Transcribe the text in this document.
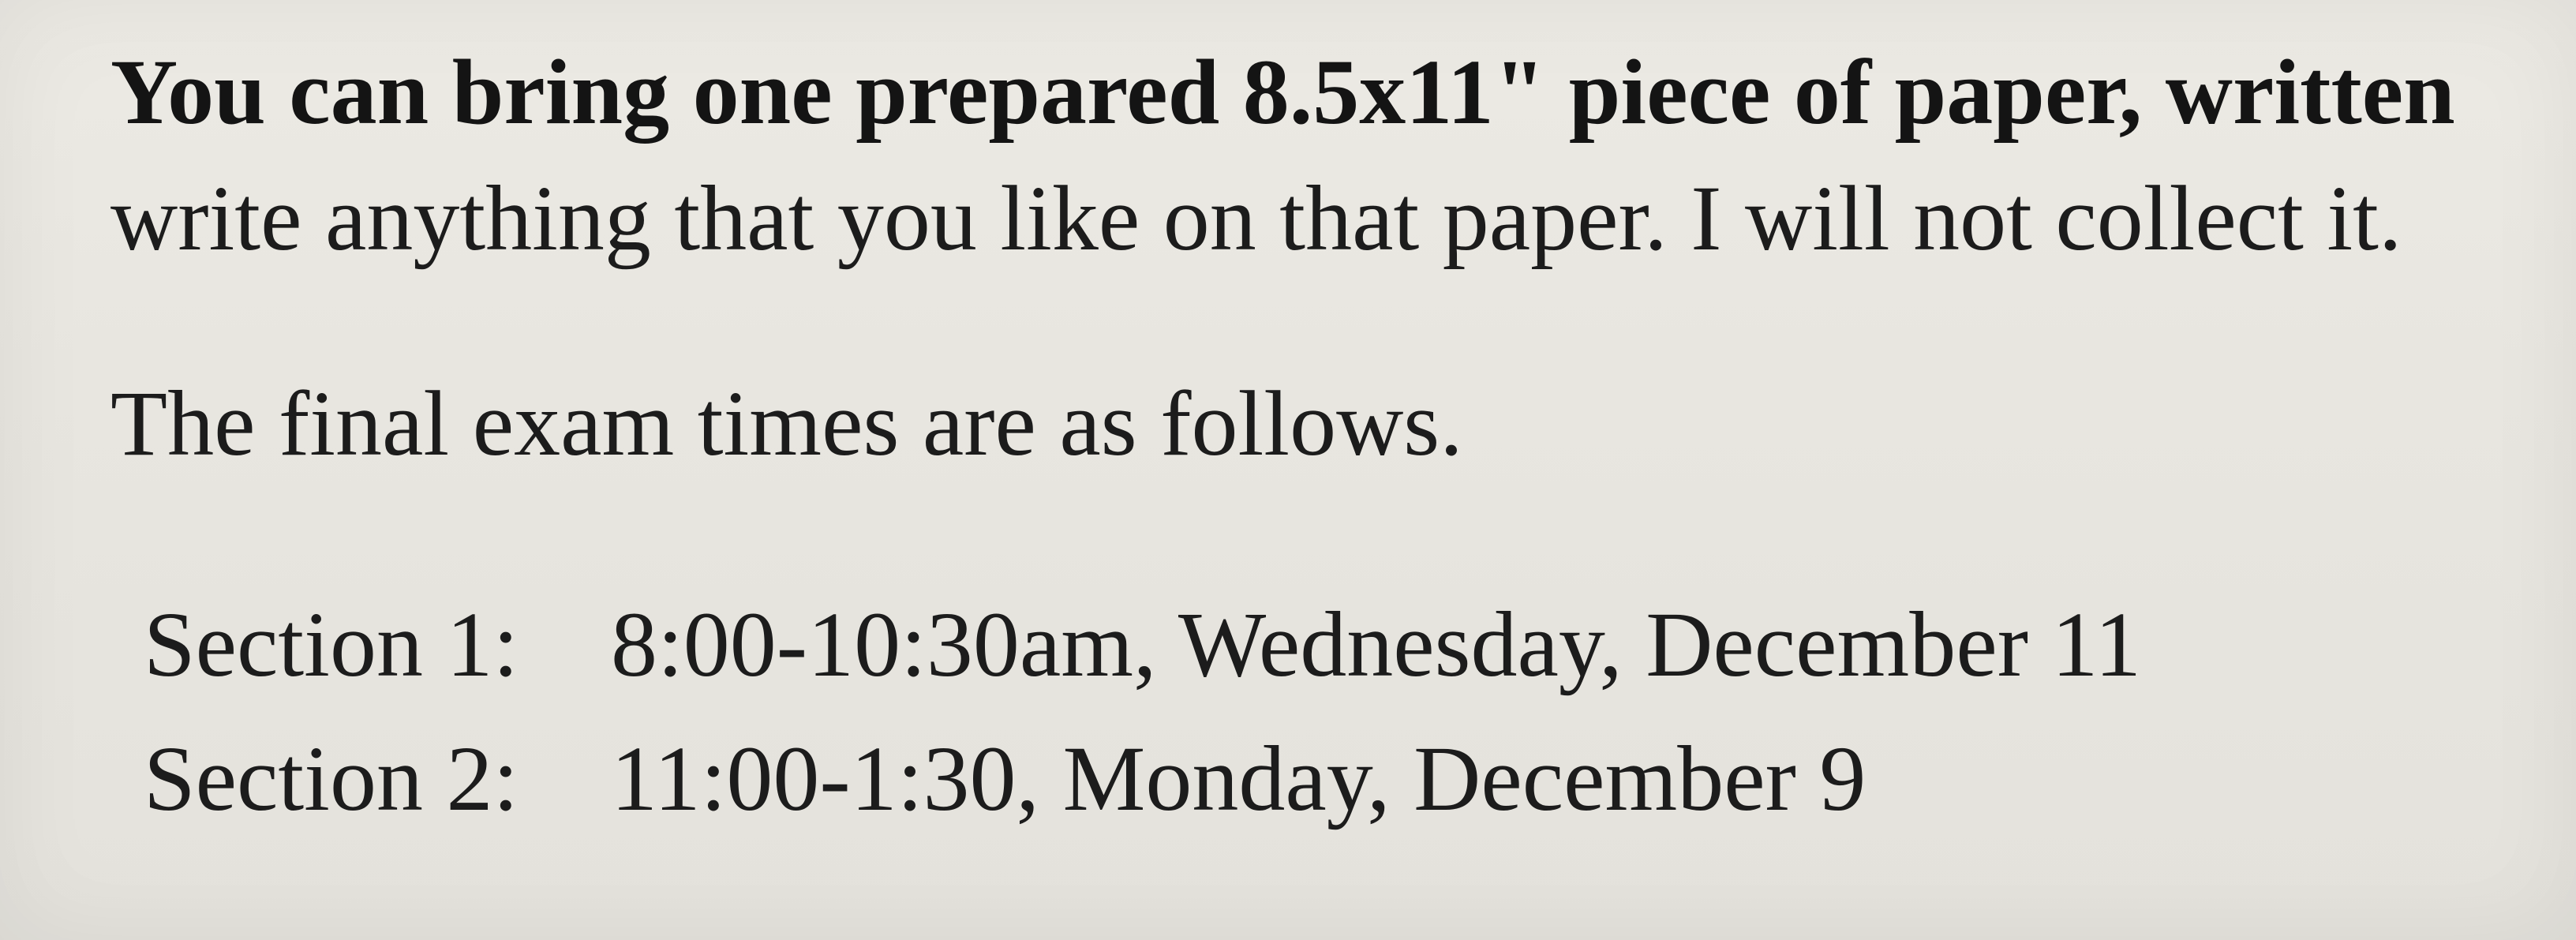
You can bring one prepared 8.5x11" piece of paper, written
write anything that you like on that paper. I will not collect it.
The final exam times are as follows.
Section 1: 8:00-10:30am, Wednesday, December 11
Section 2: 11:00-1:30, Monday, December 9
